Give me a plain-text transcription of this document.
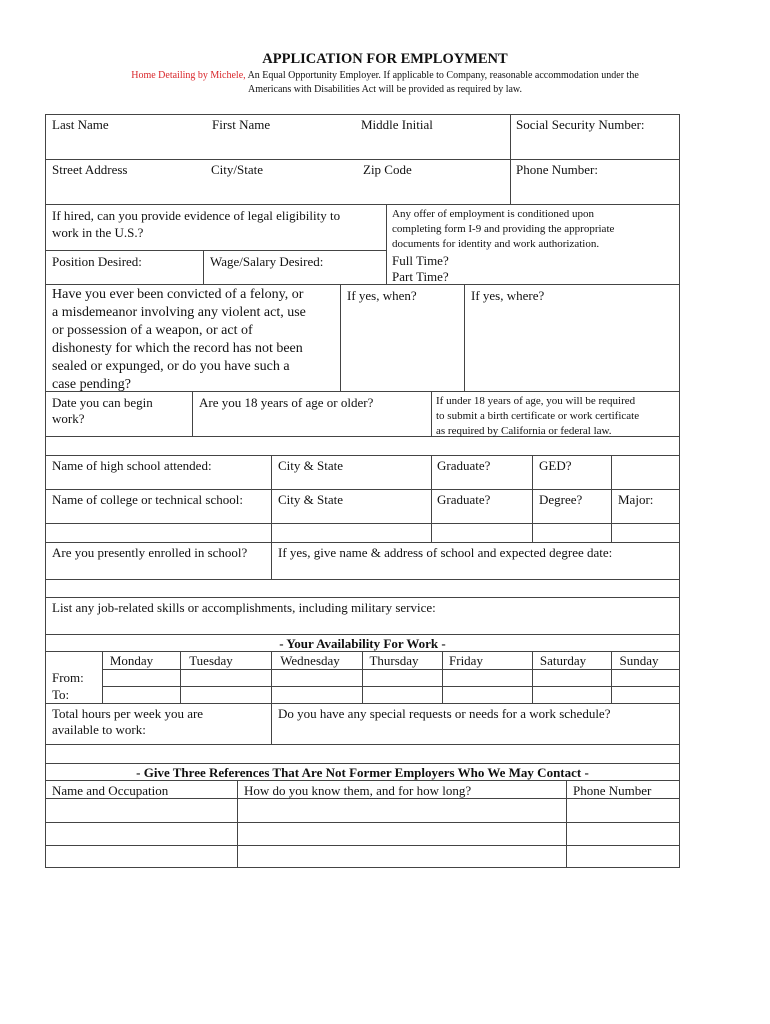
APPLICATION FOR EMPLOYMENT
Home Detailing by Michele, An Equal Opportunity Employer. If applicable to Company, reasonable accommodation under the
Americans with Disabilities Act will be provided as required by law.
Last Name	First Name	Middle Initial	Social Security Number:
Street Address	City/State	Zip Code	Phone Number:
If hired, can you provide evidence of legal eligibility to
work in the U.S.?
Any offer of employment is conditioned upon
completing form I-9 and providing the appropriate
documents for identity and work authorization.
Position Desired:	Wage/Salary Desired:	Full Time?
Part Time?
Have you ever been convicted of a felony, or
a misdemeanor involving any violent act, use
or possession of a weapon, or act of
dishonesty for which the record has not been
sealed or expunged, or do you have such a
case pending?
If yes, when?	If yes, where?
Date you can begin
work?
Are you 18 years of age or older?	If under 18 years of age, you will be required
to submit a birth certificate or work certificate
as required by California or federal law.
Name of high school attended:	City & State	Graduate?	GED?
Name of college or technical school:	City & State	Graduate?	Degree?	Major:
Are you presently enrolled in school? If yes, give name & address of school and expected degree date:
List any job-related skills or accomplishments, including military service:
- Your Availability For Work -
Monday	Tuesday	Wednesday	Thursday	Friday	Saturday	Sunday
From:
To:
Total hours per week you are
available to work:
Do you have any special requests or needs for a work schedule?
- Give Three References That Are Not Former Employers Who We May Contact -
Name and Occupation	How do you know them, and for how long?	Phone Number
